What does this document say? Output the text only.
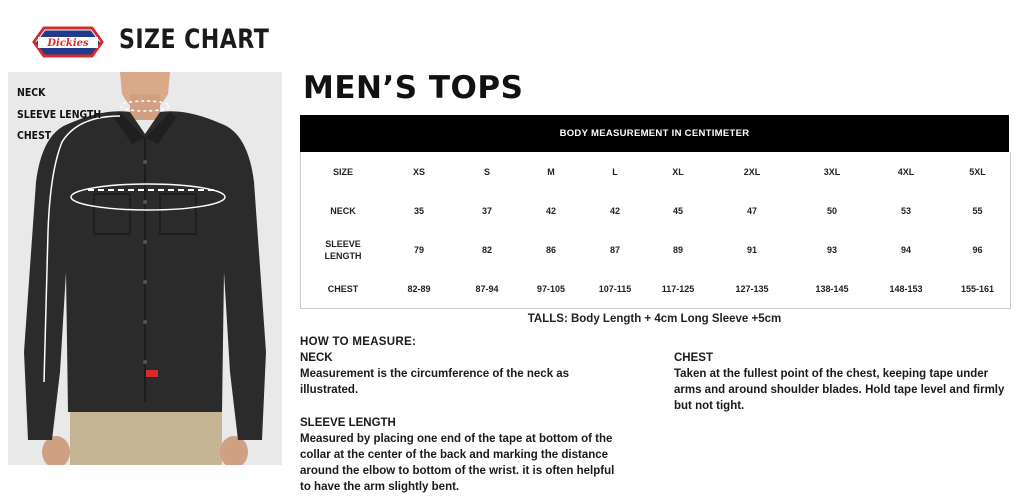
Dickies SIZE CHART
NECK
SLEEVE LENGTH
CHEST
MEN’S TOPS
BODY MEASUREMENT IN CENTIMETER
SIZE	XS	S	M	L	XL	2XL	3XL	4XL	5XL
NECK	35	37	42	42	45	47	50	53	55
SLEEVE
LENGTH	79	82	86	87	89	91	93	94	96
CHEST	82-89	87-94	97-105	107-115	117-125	127-135	138-145	148-153	155-161
TALLS: Body Length + 4cm Long Sleeve +5cm
HOW TO MEASURE:
NECK
Measurement is the circumference of the neck as illustrated.
SLEEVE LENGTH
Measured by placing one end of the tape at bottom of the collar at the center of the back and marking the distance around the elbow to bottom of the wrist. it is often helpful to have the arm slightly bent.
CHEST
Taken at the fullest point of the chest, keeping tape under arms and around shoulder blades. Hold tape level and firmly but not tight.
